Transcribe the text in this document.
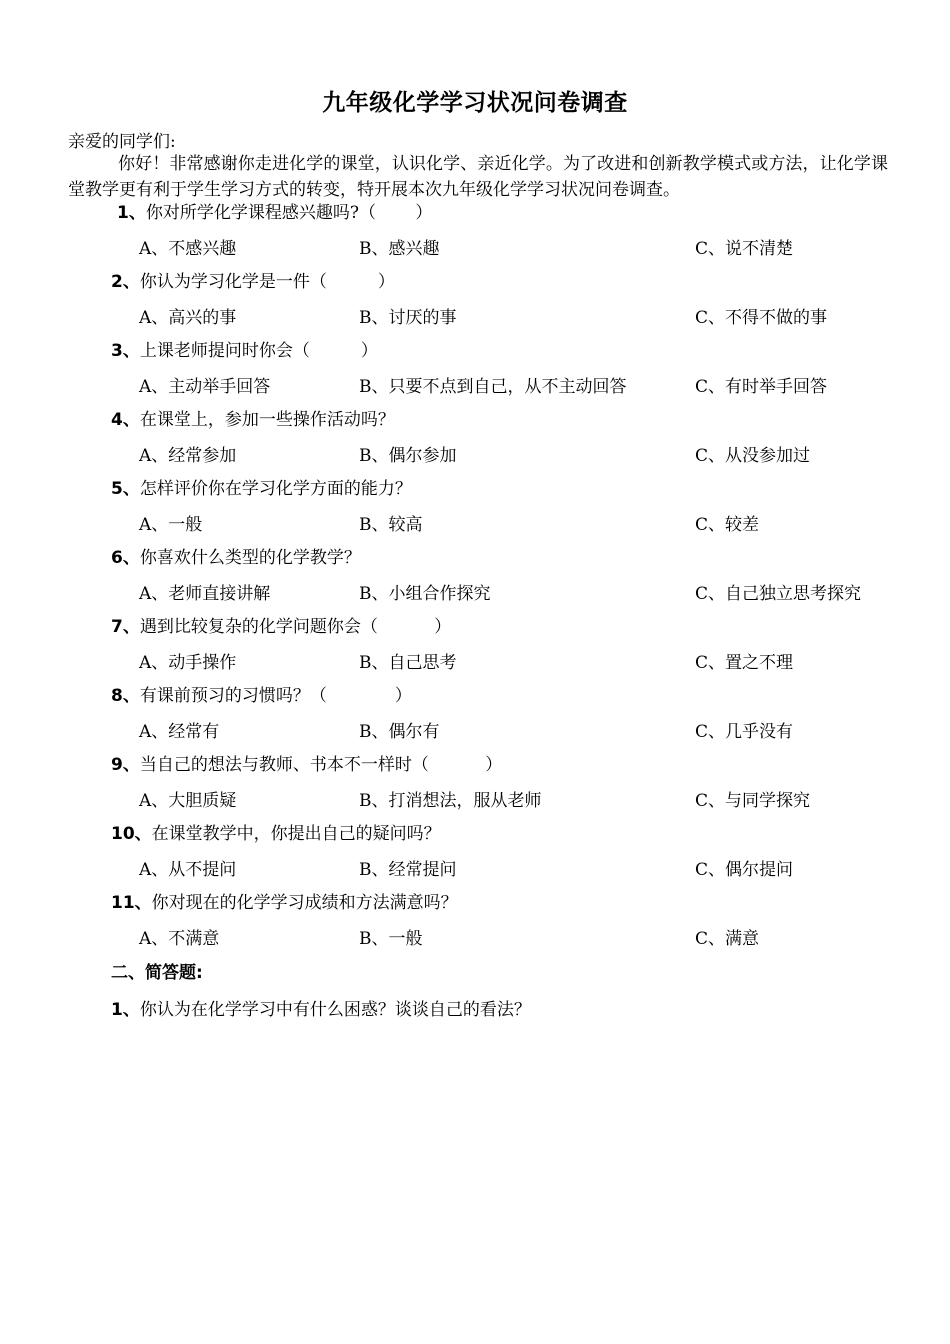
九年级化学学习状况问卷调查
亲爱的同学们:
你好！非常感谢你走进化学的课堂，认识化学、亲近化学。为了改进和创新教学模式或方法，让化学课堂教学更有利于学生学习方式的转变，特开展本次九年级化学学习状况问卷调查。
1、你对所学化学课程感兴趣吗?（　　 ）
A、不感兴趣	B、感兴趣	C、说不清楚
2、你认为学习化学是一件（　　　）
A、高兴的事	B、讨厌的事	C、不得不做的事
3、上课老师提问时你会（　　　）
A、主动举手回答	B、只要不点到自己，从不主动回答	C、有时举手回答
4、在课堂上，参加一些操作活动吗？
A、经常参加	B、偶尔参加	C、从没参加过
5、怎样评价你在学习化学方面的能力？
A、一般	B、较高	C、较差
6、你喜欢什么类型的化学教学？
A、老师直接讲解	B、小组合作探究	C、自己独立思考探究
7、遇到比较复杂的化学问题你会（　　　 ）
A、动手操作	B、自己思考	C、置之不理
8、有课前预习的习惯吗？（　　　　）
A、经常有	B、偶尔有	C、几乎没有
9、当自己的想法与教师、书本不一样时（　　　 ）
A、大胆质疑	B、打消想法，服从老师	C、与同学探究
10、在课堂教学中，你提出自己的疑问吗？
A、从不提问	B、经常提问	C、偶尔提问
11、你对现在的化学学习成绩和方法满意吗？
A、不满意	B、一般	C、满意
二、简答题:
1、你认为在化学学习中有什么困惑？谈谈自己的看法？
